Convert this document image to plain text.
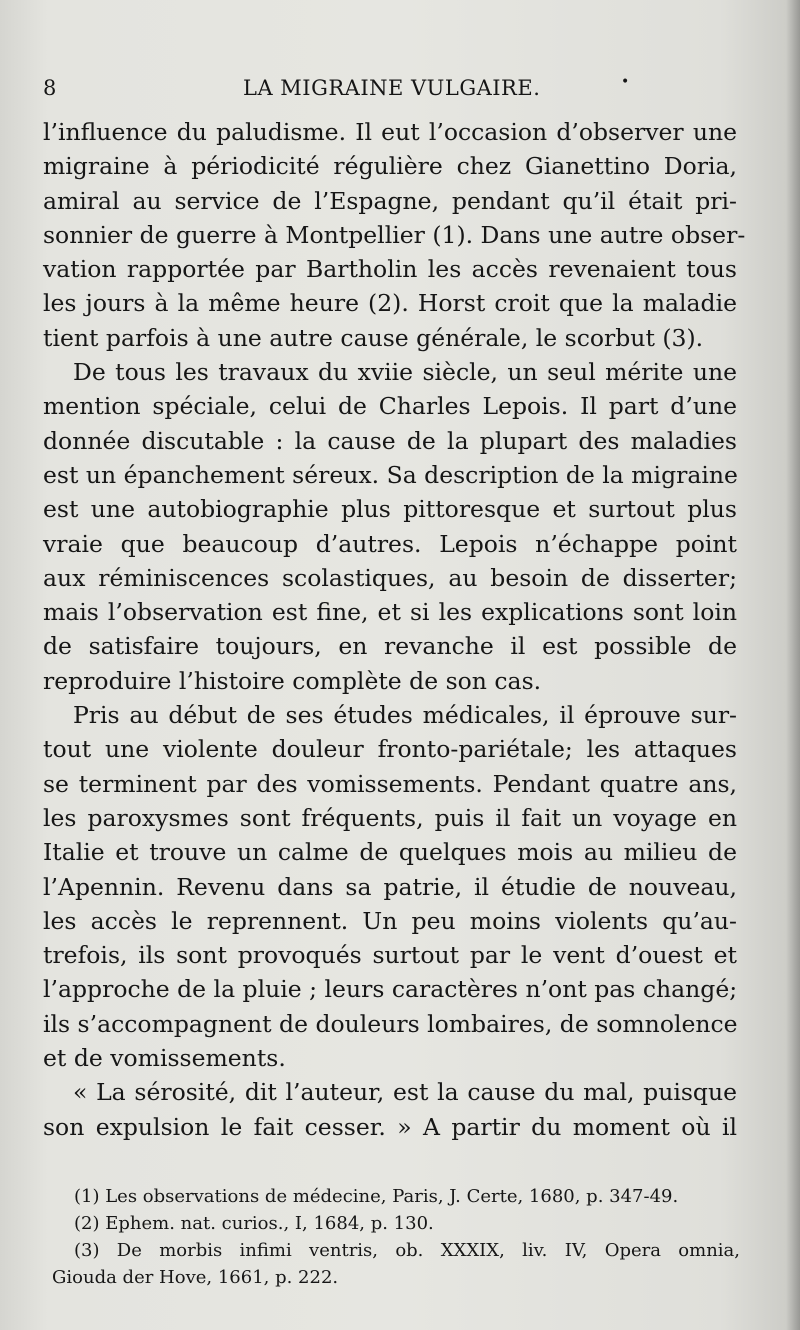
8	LA MIGRAINE VULGAIRE.	•
l’influence du paludisme. Il eut l’occasion d’observer une
migraine à périodicité régulière chez Gianettino Doria,
amiral au service de l’Espagne, pendant qu’il était pri-
sonnier de guerre à Montpellier (1). Dans une autre obser-
vation rapportée par Bartholin les accès revenaient tous
les jours à la même heure (2). Horst croit que la maladie
tient parfois à une autre cause générale, le scorbut (3).
De tous les travaux du xviie siècle, un seul mérite une
mention spéciale, celui de Charles Lepois. Il part d’une
donnée discutable : la cause de la plupart des maladies
est un épanchement séreux. Sa description de la migraine
est une autobiographie plus pittoresque et surtout plus
vraie que beaucoup d’autres. Lepois n’échappe point
aux réminiscences scolastiques, au besoin de disserter;
mais l’observation est fine, et si les explications sont loin
de satisfaire toujours, en revanche il est possible de
reproduire l’histoire complète de son cas.
Pris au début de ses études médicales, il éprouve sur-
tout une violente douleur fronto-pariétale; les attaques
se terminent par des vomissements. Pendant quatre ans,
les paroxysmes sont fréquents, puis il fait un voyage en
Italie et trouve un calme de quelques mois au milieu de
l’Apennin. Revenu dans sa patrie, il étudie de nouveau,
les accès le reprennent. Un peu moins violents qu’au-
trefois, ils sont provoqués surtout par le vent d’ouest et
l’approche de la pluie ; leurs caractères n’ont pas changé;
ils s’accompagnent de douleurs lombaires, de somnolence
et de vomissements.
« La sérosité, dit l’auteur, est la cause du mal, puisque
son expulsion le fait cesser. » A partir du moment où il
(1) Les observations de médecine, Paris, J. Certe, 1680, p. 347-49.
(2) Ephem. nat. curios., I, 1684, p. 130.
(3) De morbis infimi ventris, ob. XXXIX, liv. IV, Opera omnia,
Giouda der Hove, 1661, p. 222.
